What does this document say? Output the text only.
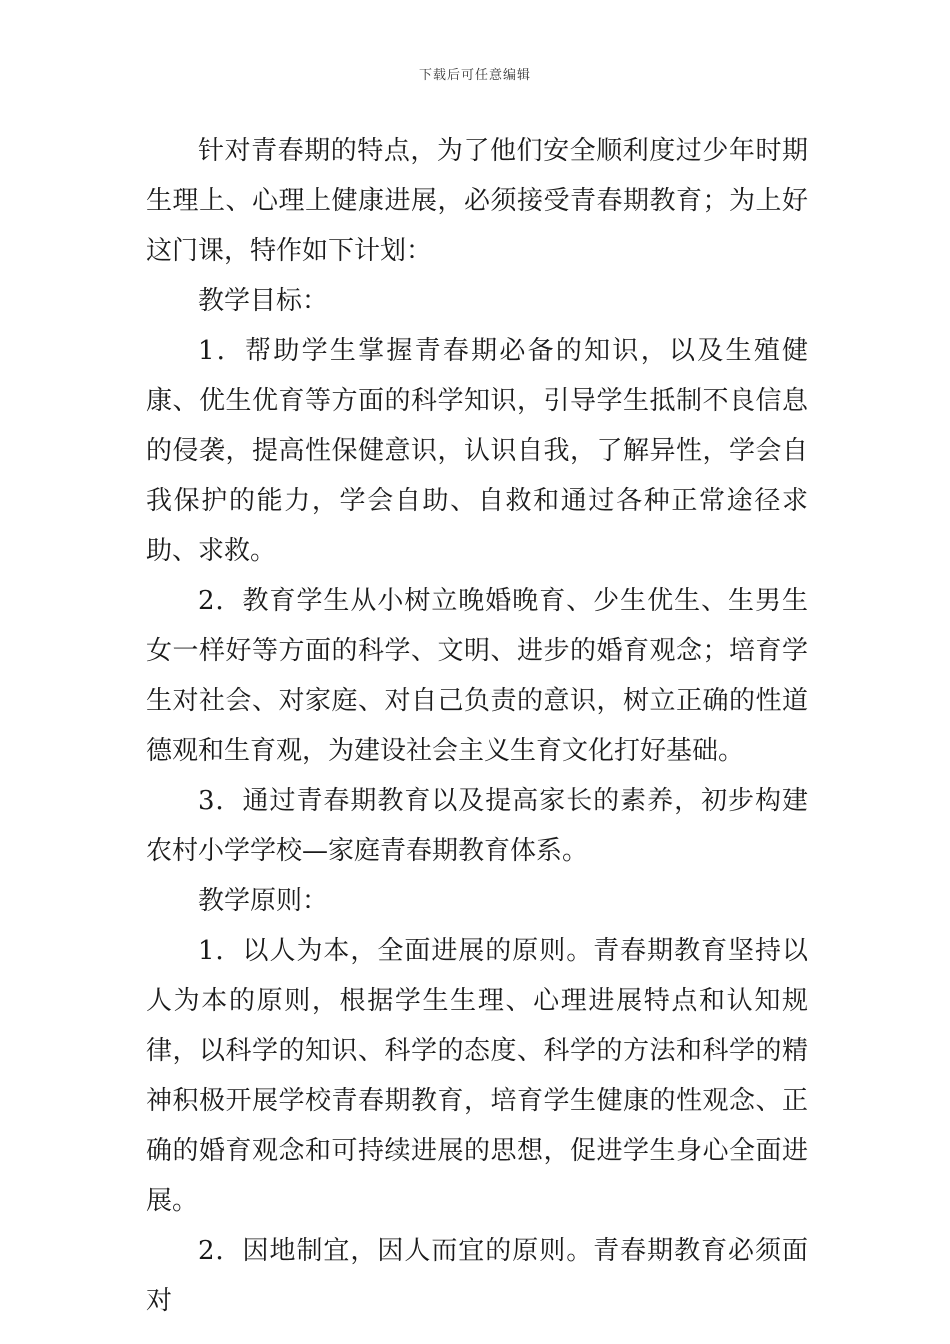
下载后可任意编辑

针对青春期的特点，为了他们安全顺利度过少年时期生理上、心理上健康进展，必须接受青春期教育；为上好这门课，特作如下计划：

教学目标：

1．帮助学生掌握青春期必备的知识，以及生殖健康、优生优育等方面的科学知识，引导学生抵制不良信息的侵袭，提高性保健意识，认识自我，了解异性，学会自我保护的能力，学会自助、自救和通过各种正常途径求助、求救。

2．教育学生从小树立晚婚晚育、少生优生、生男生女一样好等方面的科学、文明、进步的婚育观念；培育学生对社会、对家庭、对自己负责的意识，树立正确的性道德观和生育观，为建设社会主义生育文化打好基础。

3．通过青春期教育以及提高家长的素养，初步构建农村小学学校—家庭青春期教育体系。

教学原则：

1．以人为本，全面进展的原则。青春期教育坚持以人为本的原则，根据学生生理、心理进展特点和认知规律，以科学的知识、科学的态度、科学的方法和科学的精神积极开展学校青春期教育，培育学生健康的性观念、正确的婚育观念和可持续进展的思想，促进学生身心全面进展。

2．因地制宜，因人而宜的原则。青春期教育必须面对
